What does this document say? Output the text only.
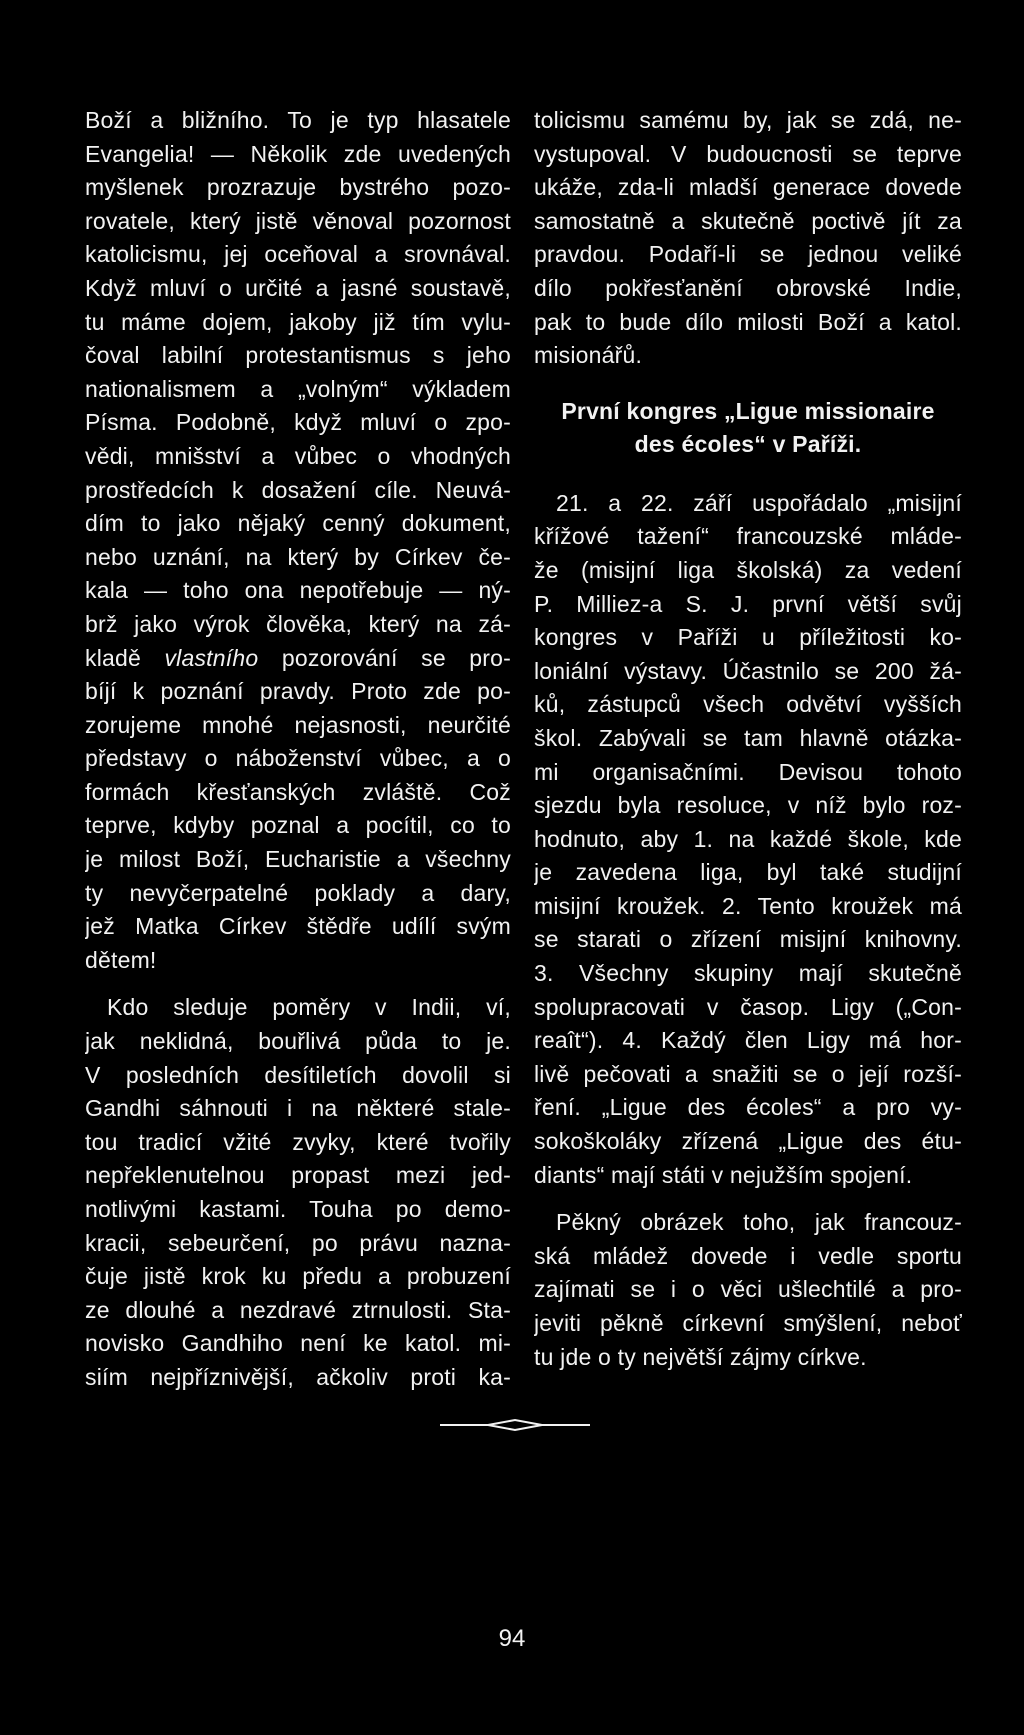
Boží a bližního. To je typ hlasatele
Evangelia! — Několik zde uvedených
myšlenek prozrazuje bystrého pozo-
rovatele, který jistě věnoval pozornost
katolicismu, jej oceňoval a srovnával.
Když mluví o určité a jasné soustavě,
tu máme dojem, jakoby již tím vylu-
čoval labilní protestantismus s jeho
nationalismem a „volným“ výkladem
Písma. Podobně, když mluví o zpo-
vědi, mnišství a vůbec o vhodných
prostředcích k dosažení cíle. Neuvá-
dím to jako nějaký cenný dokument,
nebo uznání, na který by Církev če-
kala — toho ona nepotřebuje — ný-
brž jako výrok člověka, který na zá-
kladě vlastního pozorování se pro-
bíjí k poznání pravdy. Proto zde po-
zorujeme mnohé nejasnosti, neurčité
představy o náboženství vůbec, a o
formách křesťanských zvláště. Což
teprve, kdyby poznal a pocítil, co to
je milost Boží, Eucharistie a všechny
ty nevyčerpatelné poklady a dary,
jež Matka Církev štědře udílí svým
dětem!
Kdo sleduje poměry v Indii, ví,
jak neklidná, bouřlivá půda to je.
V posledních desítiletích dovolil si
Gandhi sáhnouti i na některé stale-
tou tradicí vžité zvyky, které tvořily
nepřeklenutelnou propast mezi jed-
notlivými kastami. Touha po demo-
kracii, sebeurčení, po právu nazna-
čuje jistě krok ku předu a probuzení
ze dlouhé a nezdravé ztrnulosti. Sta-
novisko Gandhiho není ke katol. mi-
siím nejpříznivější, ačkoliv proti ka-
tolicismu samému by, jak se zdá, ne-
vystupoval. V budoucnosti se teprve
ukáže, zda-li mladší generace dovede
samostatně a skutečně poctivě jít za
pravdou. Podaří-li se jednou veliké
dílo pokřesťanění obrovské Indie,
pak to bude dílo milosti Boží a katol.
misionářů.
První kongres „Ligue missionaire
des écoles“ v Paříži.
21. a 22. září uspořádalo „misijní
křížové tažení“ francouzské mláde-
že (misijní liga školská) za vedení
P. Milliez-a S. J. první větší svůj
kongres v Paříži u příležitosti ko-
loniální výstavy. Účastnilo se 200 žá-
ků, zástupců všech odvětví vyšších
škol. Zabývali se tam hlavně otázka-
mi organisačními. Devisou tohoto
sjezdu byla resoluce, v níž bylo roz-
hodnuto, aby 1. na každé škole, kde
je zavedena liga, byl také studijní
misijní kroužek. 2. Tento kroužek má
se starati o zřízení misijní knihovny.
3. Všechny skupiny mají skutečně
spolupracovati v časop. Ligy („Con-
reaît“). 4. Každý člen Ligy má hor-
livě pečovati a snažiti se o její rozší-
ření. „Ligue des écoles“ a pro vy-
sokoškoláky zřízená „Ligue des étu-
diants“ mají státi v nejužším spojení.
Pěkný obrázek toho, jak francouz-
ská mládež dovede i vedle sportu
zajímati se i o věci ušlechtilé a pro-
jeviti pěkně církevní smýšlení, neboť
tu jde o ty největší zájmy církve.
94
